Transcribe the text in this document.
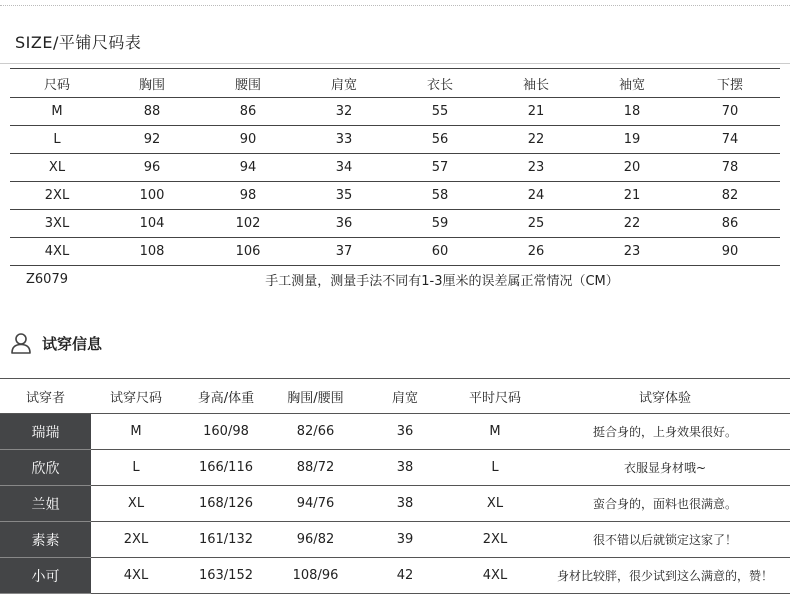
SIZE/平铺尺码表
尺码	胸围	腰围	肩宽	衣长	袖长	袖宽	下摆
M	88	86	32	55	21	18	70
L	92	90	33	56	22	19	74
XL	96	94	34	57	23	20	78
2XL	100	98	35	58	24	21	82
3XL	104	102	36	59	25	22	86
4XL	108	106	37	60	26	23	90
Z6079	手工测量，测量手法不同有1-3厘米的误差属正常情况（CM）						
试穿信息
试穿者	试穿尺码	身高/体重	胸围/腰围	肩宽	平时尺码	试穿体验
瑞瑞	M	160/98	82/66	36	M	挺合身的，上身效果很好。
欣欣	L	166/116	88/72	38	L	衣服显身材哦~
兰姐	XL	168/126	94/76	38	XL	蛮合身的，面料也很满意。
素素	2XL	161/132	96/82	39	2XL	很不错以后就锁定这家了！
小可	4XL	163/152	108/96	42	4XL	身材比较胖，很少试到这么满意的，赞！
